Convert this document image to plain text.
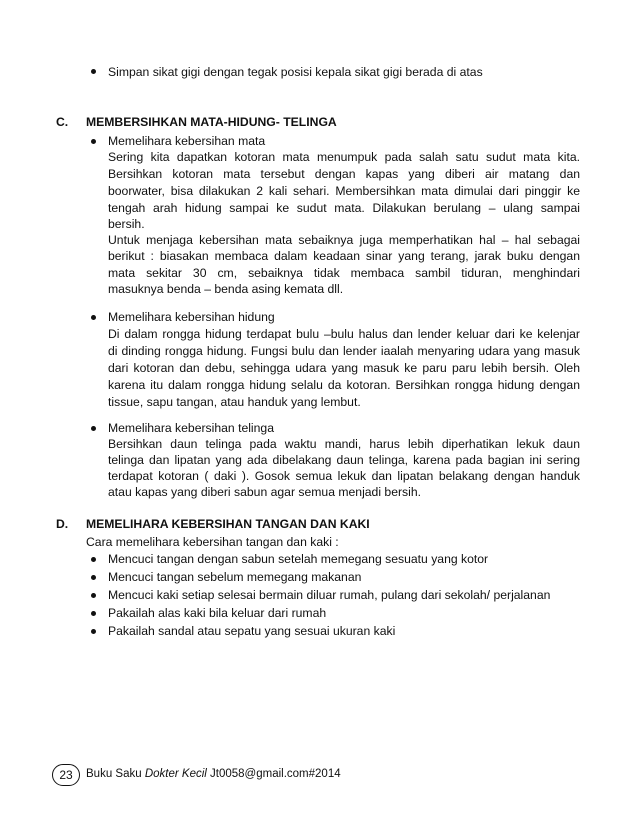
Simpan sikat gigi dengan tegak posisi kepala sikat gigi berada di atas
C. MEMBERSIHKAN MATA-HIDUNG- TELINGA
Memelihara kebersihan mata
Sering kita dapatkan kotoran mata menumpuk pada salah satu sudut mata kita.
Bersihkan kotoran mata tersebut dengan kapas yang diberi air matang dan
boorwater, bisa dilakukan 2 kali sehari. Membersihkan mata dimulai dari pinggir ke
tengah arah hidung sampai ke sudut mata. Dilakukan berulang – ulang sampai
bersih.
Untuk menjaga kebersihan mata sebaiknya juga memperhatikan hal – hal sebagai
berikut : biasakan membaca dalam keadaan sinar yang terang, jarak buku dengan
mata sekitar 30 cm, sebaiknya tidak membaca sambil tiduran, menghindari
masuknya benda – benda asing kemata dll.
Memelihara kebersihan hidung
Di dalam rongga hidung terdapat bulu –bulu halus dan lender keluar dari ke kelenjar
di dinding rongga hidung. Fungsi bulu dan lender iaalah menyaring udara yang masuk
dari kotoran dan debu, sehingga udara yang masuk ke paru paru lebih bersih. Oleh
karena itu dalam rongga hidung selalu da kotoran. Bersihkan rongga hidung dengan
tissue, sapu tangan, atau handuk yang lembut.
Memelihara kebersihan telinga
Bersihkan daun telinga pada waktu mandi, harus lebih diperhatikan lekuk daun
telinga dan lipatan yang ada dibelakang daun telinga, karena pada bagian ini sering
terdapat kotoran ( daki ). Gosok semua lekuk dan lipatan belakang dengan handuk
atau kapas yang diberi sabun agar semua menjadi bersih.
D. MEMELIHARA KEBERSIHAN TANGAN DAN KAKI
Cara memelihara kebersihan tangan dan kaki :
Mencuci tangan dengan sabun setelah memegang sesuatu yang kotor
Mencuci tangan sebelum memegang makanan
Mencuci kaki setiap selesai bermain diluar rumah, pulang dari sekolah/ perjalanan
Pakailah alas kaki bila keluar dari rumah
Pakailah sandal atau sepatu yang sesuai ukuran kaki
23	Buku Saku Dokter Kecil Jt0058@gmail.com#2014
